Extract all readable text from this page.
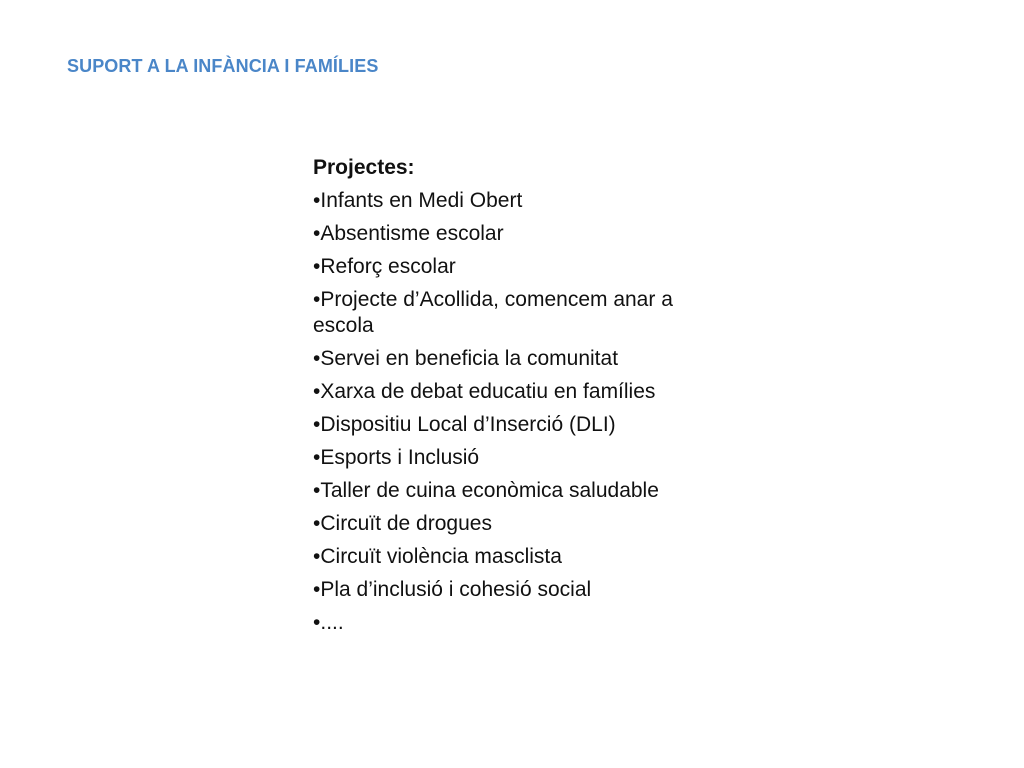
SUPORT A LA INFÀNCIA I FAMÍLIES
Projectes:
• Infants en Medi Obert
• Absentisme escolar
• Reforç escolar
• Projecte d’Acollida, comencem anar a escola
• Servei en beneficia la comunitat
• Xarxa de debat educatiu en famílies
• Dispositiu Local d’Inserció (DLI)
• Esports i Inclusió
• Taller de cuina econòmica saludable
• Circuït de drogues
• Circuït violència masclista
• Pla d’inclusió i cohesió social
• ....
